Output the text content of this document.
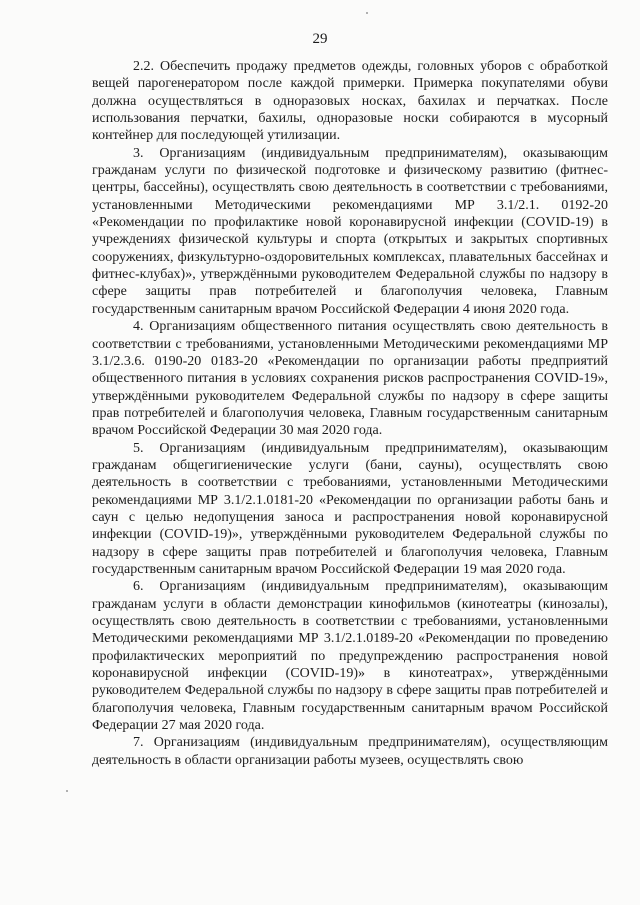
29

2.2. Обеспечить продажу предметов одежды, головных уборов с обработкой вещей парогенератором после каждой примерки. Примерка покупателями обуви должна осуществляться в одноразовых носках, бахилах и перчатках. После использования перчатки, бахилы, одноразовые носки собираются в мусорный контейнер для последующей утилизации.

3. Организациям (индивидуальным предпринимателям), оказывающим гражданам услуги по физической подготовке и физическому развитию (фитнес-центры, бассейны), осуществлять свою деятельность в соответствии с требованиями, установленными Методическими рекомендациями МР 3.1/2.1. 0192-20 «Рекомендации по профилактике новой коронавирусной инфекции (COVID-19) в учреждениях физической культуры и спорта (открытых и закрытых спортивных сооружениях, физкультурно-оздоровительных комплексах, плавательных бассейнах и фитнес-клубах)», утверждёнными руководителем Федеральной службы по надзору в сфере защиты прав потребителей и благополучия человека, Главным государственным санитарным врачом Российской Федерации 4 июня 2020 года.

4. Организациям общественного питания осуществлять свою деятельность в соответствии с требованиями, установленными Методическими рекомендациями МР 3.1/2.3.6. 0190-20 0183-20 «Рекомендации по организации работы предприятий общественного питания в условиях сохранения рисков распространения COVID-19», утверждёнными руководителем Федеральной службы по надзору в сфере защиты прав потребителей и благополучия человека, Главным государственным санитарным врачом Российской Федерации 30 мая 2020 года.

5. Организациям (индивидуальным предпринимателям), оказывающим гражданам общегигиенические услуги (бани, сауны), осуществлять свою деятельность в соответствии с требованиями, установленными Методическими рекомендациями МР 3.1/2.1.0181-20 «Рекомендации по организации работы бань и саун с целью недопущения заноса и распространения новой коронавирусной инфекции (COVID-19)», утверждёнными руководителем Федеральной службы по надзору в сфере защиты прав потребителей и благополучия человека, Главным государственным санитарным врачом Российской Федерации 19 мая 2020 года.

6. Организациям (индивидуальным предпринимателям), оказывающим гражданам услуги в области демонстрации кинофильмов (кинотеатры (кинозалы), осуществлять свою деятельность в соответствии с требованиями, установленными Методическими рекомендациями МР 3.1/2.1.0189-20 «Рекомендации по проведению профилактических мероприятий по предупреждению распространения новой коронавирусной инфекции (COVID-19)» в кинотеатрах», утверждёнными руководителем Федеральной службы по надзору в сфере защиты прав потребителей и благополучия человека, Главным государственным санитарным врачом Российской Федерации 27 мая 2020 года.

7. Организациям (индивидуальным предпринимателям), осуществляющим деятельность в области организации работы музеев, осуществлять свою
